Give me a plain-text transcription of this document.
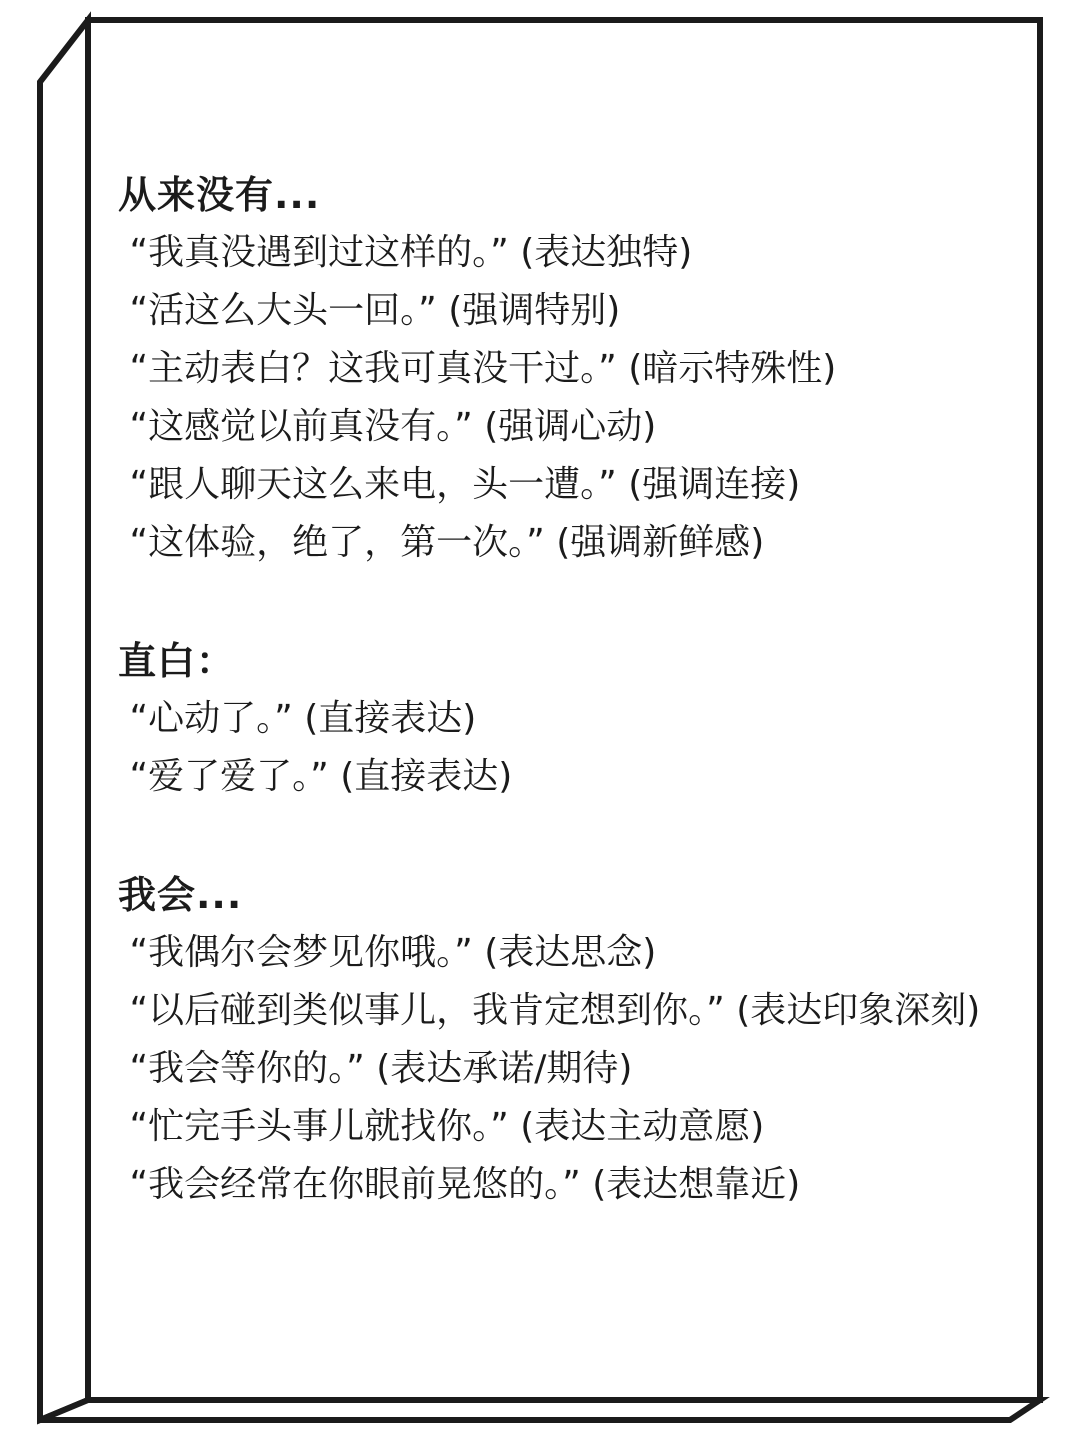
从来没有...
“我真没遇到过这样的。” (表达独特)
“活这么大头一回。” (强调特别)
“主动表白？这我可真没干过。” (暗示特殊性)
“这感觉以前真没有。” (强调心动)
“跟人聊天这么来电，头一遭。” (强调连接)
“这体验，绝了，第一次。” (强调新鲜感)
直白：
“心动了。” (直接表达)
“爱了爱了。” (直接表达)
我会...
“我偶尔会梦见你哦。” (表达思念)
“以后碰到类似事儿，我肯定想到你。” (表达印象深刻)
“我会等你的。” (表达承诺/期待)
“忙完手头事儿就找你。” (表达主动意愿)
“我会经常在你眼前晃悠的。” (表达想靠近)
